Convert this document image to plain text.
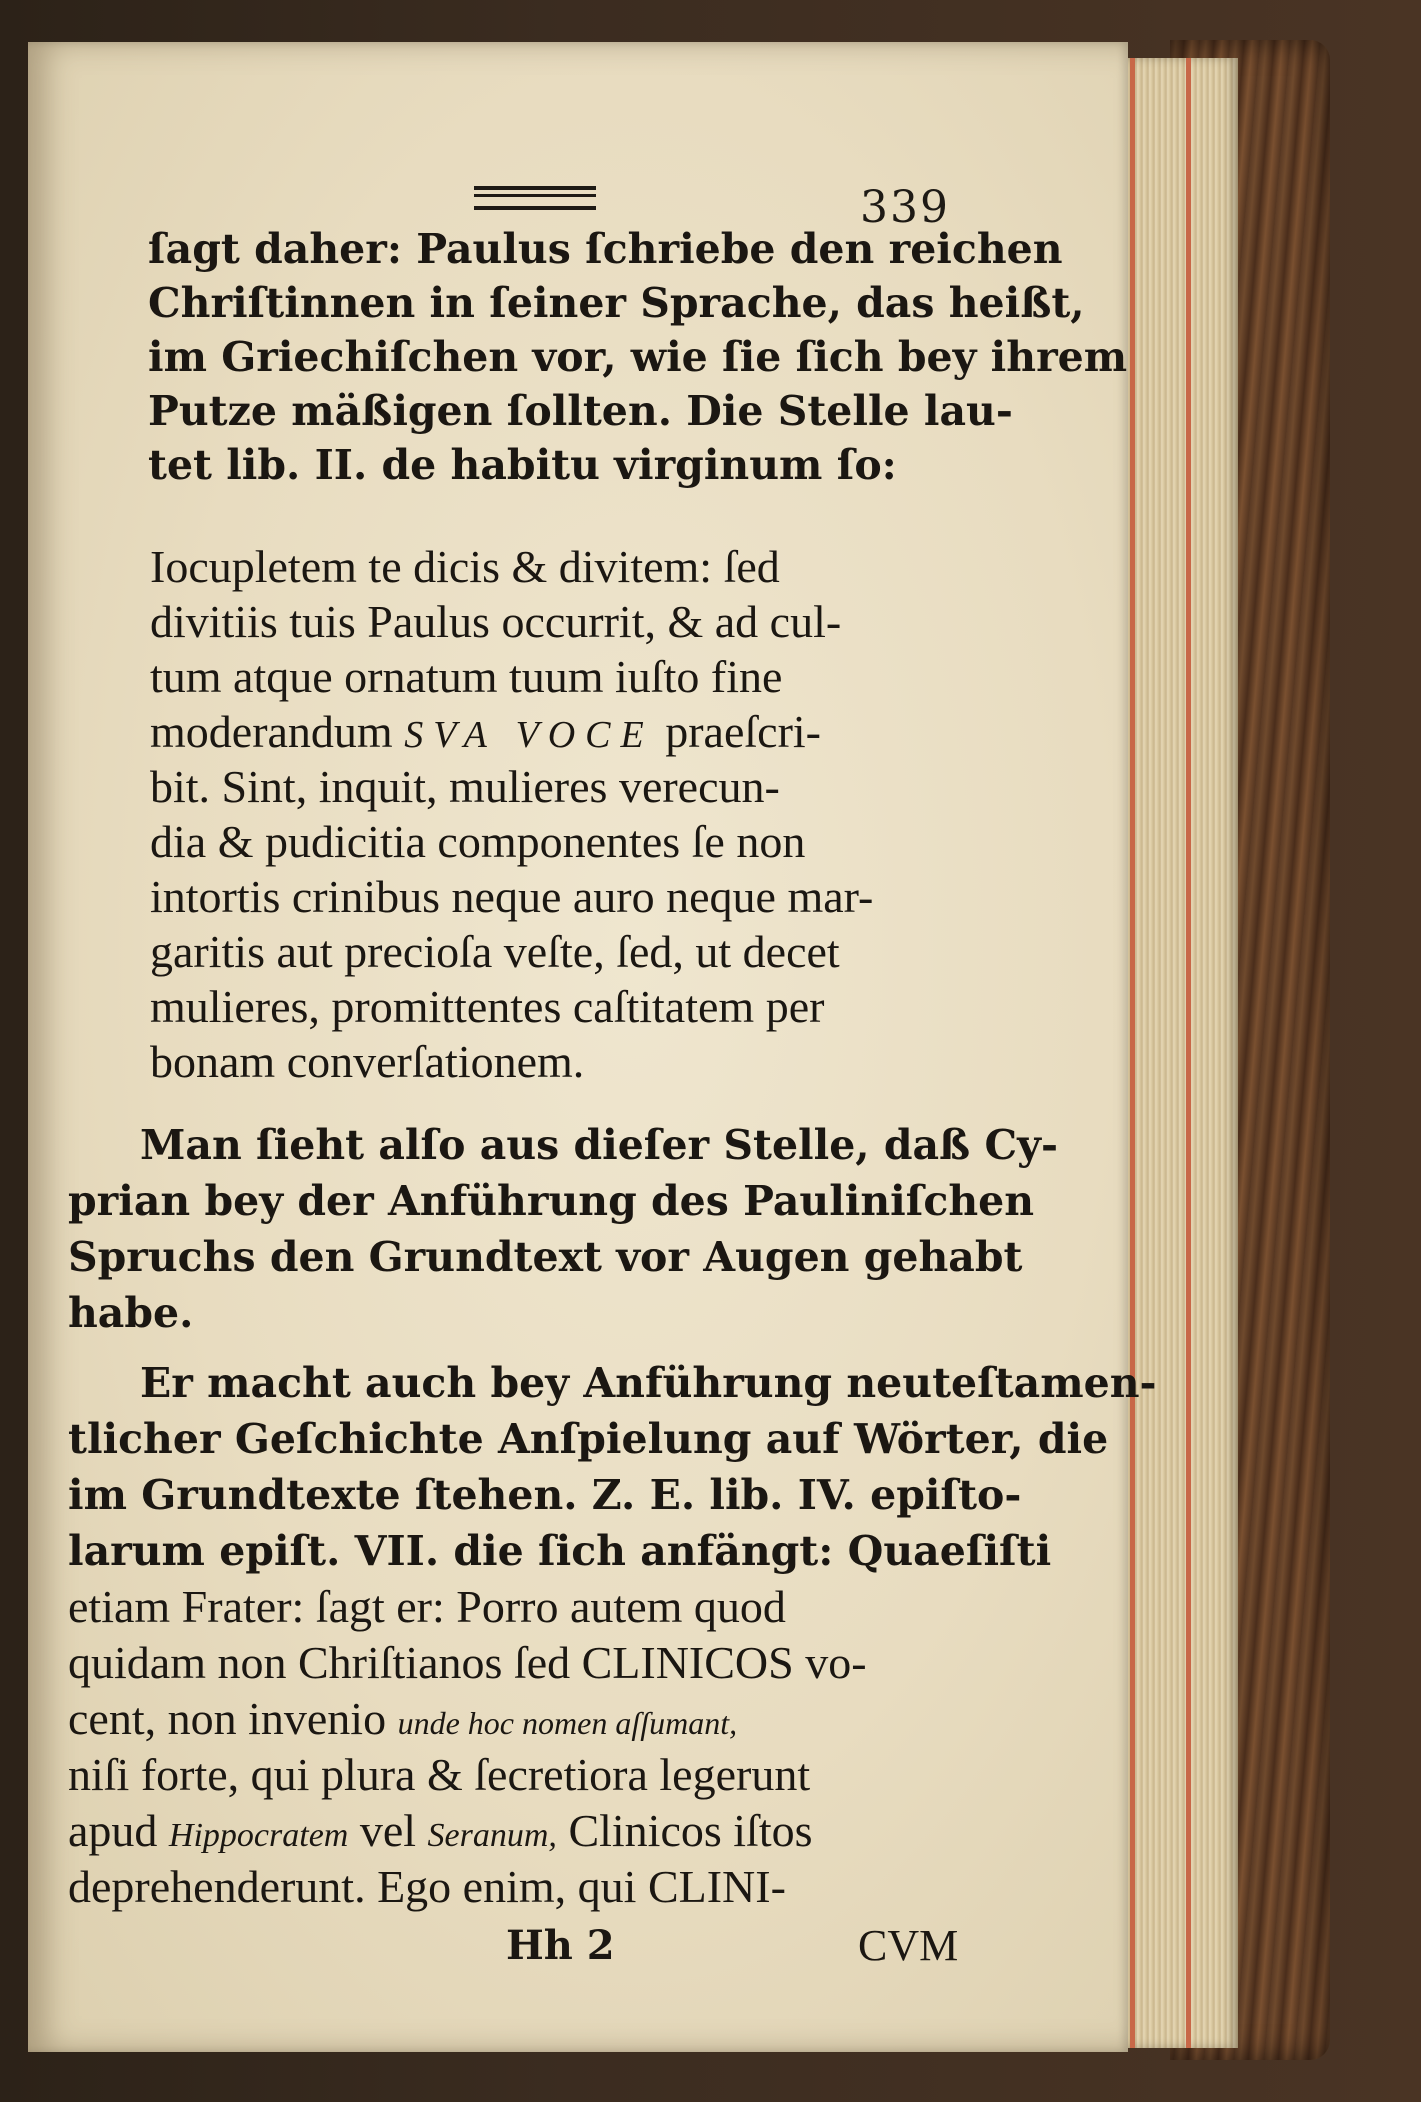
339
ſagt daher: Paulus ſchriebe den reichen
Chriſtinnen in ſeiner Sprache, das heißt,
im Griechiſchen vor, wie ſie ſich bey ihrem
Putze mäßigen ſollten. Die Stelle lau-
tet lib. II. de habitu virginum ſo:
Iocupletem te dicis & divitem: ſed
divitiis tuis Paulus occurrit, & ad cul-
tum atque ornatum tuum iuſto fine
moderandum SVA VOCE praeſcri-
bit. Sint, inquit, mulieres verecun-
dia & pudicitia componentes ſe non
intortis crinibus neque auro neque mar-
garitis aut precioſa veſte, ſed, ut decet
mulieres, promittentes caſtitatem per
bonam converſationem.
Man ſieht alſo aus dieſer Stelle, daß Cy-
prian bey der Anführung des Pauliniſchen
Spruchs den Grundtext vor Augen gehabt
habe.
Er macht auch bey Anführung neuteſtamen-
tlicher Geſchichte Anſpielung auf Wörter, die
im Grundtexte ſtehen. Z. E. lib. IV. epiſto-
larum epiſt. VII. die ſich anfängt: Quaeſiſti
etiam Frater: ſagt er: Porro autem quod
quidam non Chriſtianos ſed CLINICOS vo-
cent, non invenio unde hoc nomen aſſumant,
niſi forte, qui plura & ſecretiora legerunt
apud Hippocratem vel Seranum, Clinicos iſtos
deprehenderunt. Ego enim, qui CLINI-
Hh 2	CVM
